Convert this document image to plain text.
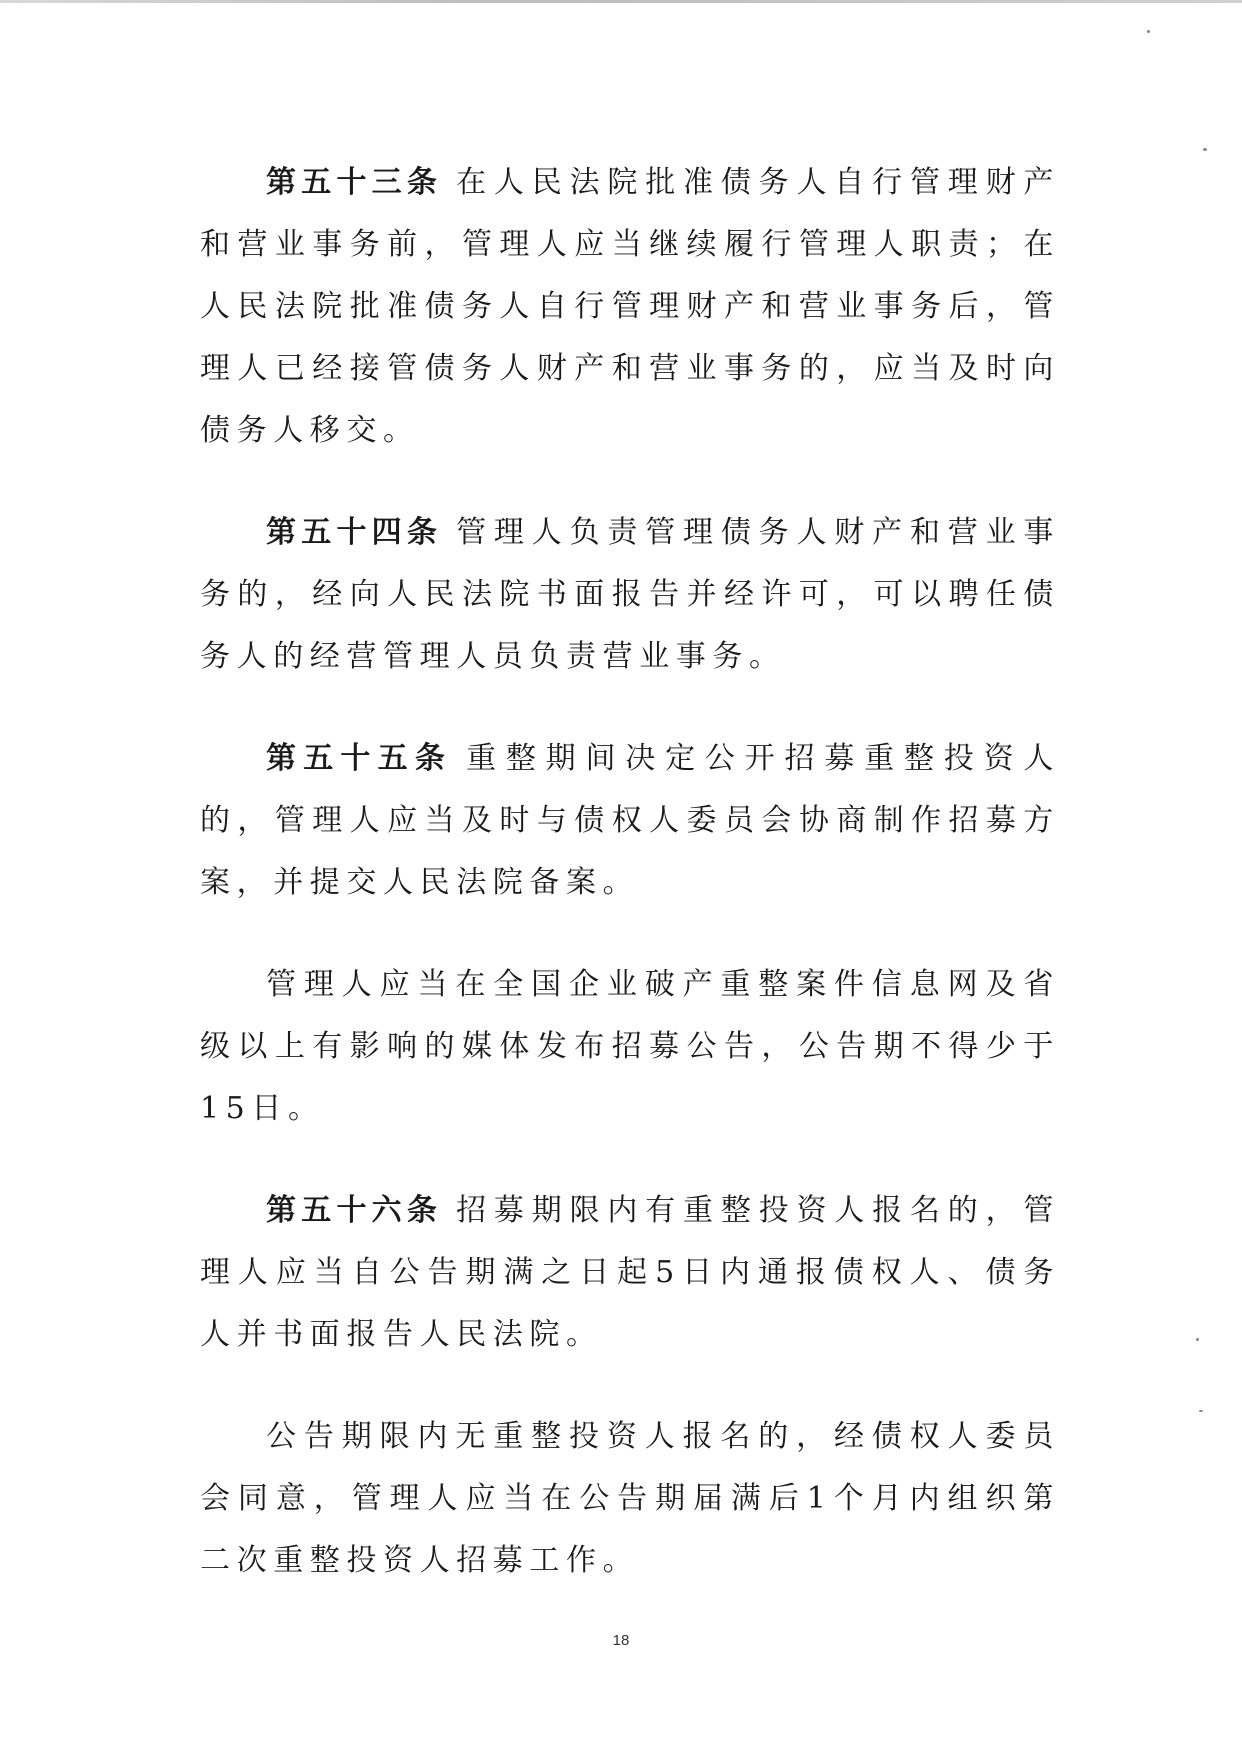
第五十三条 在人民法院批准债务人自行管理财产和营业事务前，管理人应当继续履行管理人职责；在人民法院批准债务人自行管理财产和营业事务后，管理人已经接管债务人财产和营业事务的，应当及时向债务人移交。

第五十四条 管理人负责管理债务人财产和营业事务的，经向人民法院书面报告并经许可，可以聘任债务人的经营管理人员负责营业事务。

第五十五条 重整期间决定公开招募重整投资人的，管理人应当及时与债权人委员会协商制作招募方案，并提交人民法院备案。

管理人应当在全国企业破产重整案件信息网及省级以上有影响的媒体发布招募公告，公告期不得少于15日。

第五十六条 招募期限内有重整投资人报名的，管理人应当自公告期满之日起5日内通报债权人、债务人并书面报告人民法院。

公告期限内无重整投资人报名的，经债权人委员会同意，管理人应当在公告期届满后1个月内组织第二次重整投资人招募工作。

18
